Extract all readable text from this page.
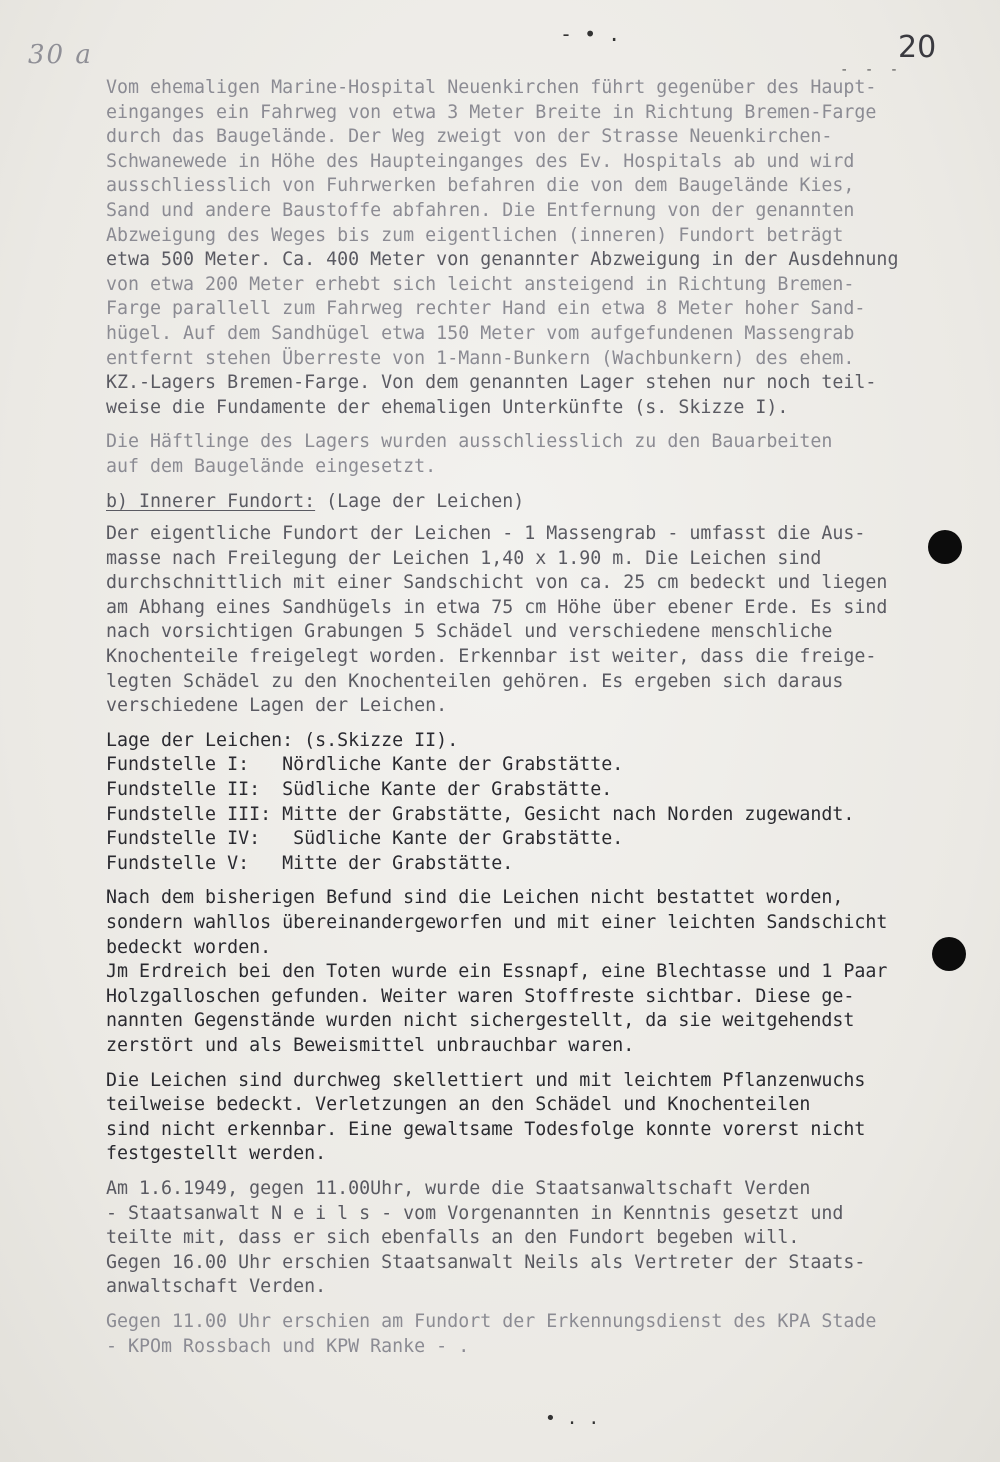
30 a
- • .	20
- - -
Vom ehemaligen Marine-Hospital Neuenkirchen führt gegenüber des Haupt-
einganges ein Fahrweg von etwa 3 Meter Breite in Richtung Bremen-Farge
durch das Baugelände. Der Weg zweigt von der Strasse Neuenkirchen-
Schwanewede in Höhe des Haupteinganges des Ev. Hospitals ab und wird
ausschliesslich von Fuhrwerken befahren die von dem Baugelände Kies,
Sand und andere Baustoffe abfahren. Die Entfernung von der genannten
Abzweigung des Weges bis zum eigentlichen (inneren) Fundort beträgt
etwa 500 Meter. Ca. 400 Meter von genannter Abzweigung in der Ausdehnung
von etwa 200 Meter erhebt sich leicht ansteigend in Richtung Bremen-
Farge parallell zum Fahrweg rechter Hand ein etwa 8 Meter hoher Sand-
hügel. Auf dem Sandhügel etwa 150 Meter vom aufgefundenen Massengrab
entfernt stehen Überreste von 1-Mann-Bunkern (Wachbunkern) des ehem.
KZ.-Lagers Bremen-Farge. Von dem genannten Lager stehen nur noch teil-
weise die Fundamente der ehemaligen Unterkünfte (s. Skizze I).
Die Häftlinge des Lagers wurden ausschliesslich zu den Bauarbeiten
auf dem Baugelände eingesetzt.
b) Innerer Fundort: (Lage der Leichen)
Der eigentliche Fundort der Leichen - 1 Massengrab - umfasst die Aus-
masse nach Freilegung der Leichen 1,40 x 1.90 m. Die Leichen sind
durchschnittlich mit einer Sandschicht von ca. 25 cm bedeckt und liegen
am Abhang eines Sandhügels in etwa 75 cm Höhe über ebener Erde. Es sind
nach vorsichtigen Grabungen 5 Schädel und verschiedene menschliche
Knochenteile freigelegt worden. Erkennbar ist weiter, dass die freige-
legten Schädel zu den Knochenteilen gehören. Es ergeben sich daraus
verschiedene Lagen der Leichen.
Lage der Leichen: (s.Skizze II).
Fundstelle I:   Nördliche Kante der Grabstätte.
Fundstelle II:  Südliche Kante der Grabstätte.
Fundstelle III: Mitte der Grabstätte, Gesicht nach Norden zugewandt.
Fundstelle IV:   Südliche Kante der Grabstätte.
Fundstelle V:   Mitte der Grabstätte.
Nach dem bisherigen Befund sind die Leichen nicht bestattet worden,
sondern wahllos übereinandergeworfen und mit einer leichten Sandschicht
bedeckt worden.
Jm Erdreich bei den Toten wurde ein Essnapf, eine Blechtasse und 1 Paar
Holzgalloschen gefunden. Weiter waren Stoffreste sichtbar. Diese ge-
nannten Gegenstände wurden nicht sichergestellt, da sie weitgehendst
zerstört und als Beweismittel unbrauchbar waren.
Die Leichen sind durchweg skellettiert und mit leichtem Pflanzenwuchs
teilweise bedeckt. Verletzungen an den Schädel und Knochenteilen
sind nicht erkennbar. Eine gewaltsame Todesfolge konnte vorerst nicht
festgestellt werden.
Am 1.6.1949, gegen 11.00Uhr, wurde die Staatsanwaltschaft Verden
- Staatsanwalt N e i l s - vom Vorgenannten in Kenntnis gesetzt und
teilte mit, dass er sich ebenfalls an den Fundort begeben will.
Gegen 16.00 Uhr erschien Staatsanwalt Neils als Vertreter der Staats-
anwaltschaft Verden.
Gegen 11.00 Uhr erschien am Fundort der Erkennungsdienst des KPA Stade
- KPOm Rossbach und KPW Ranke - .
• . .
